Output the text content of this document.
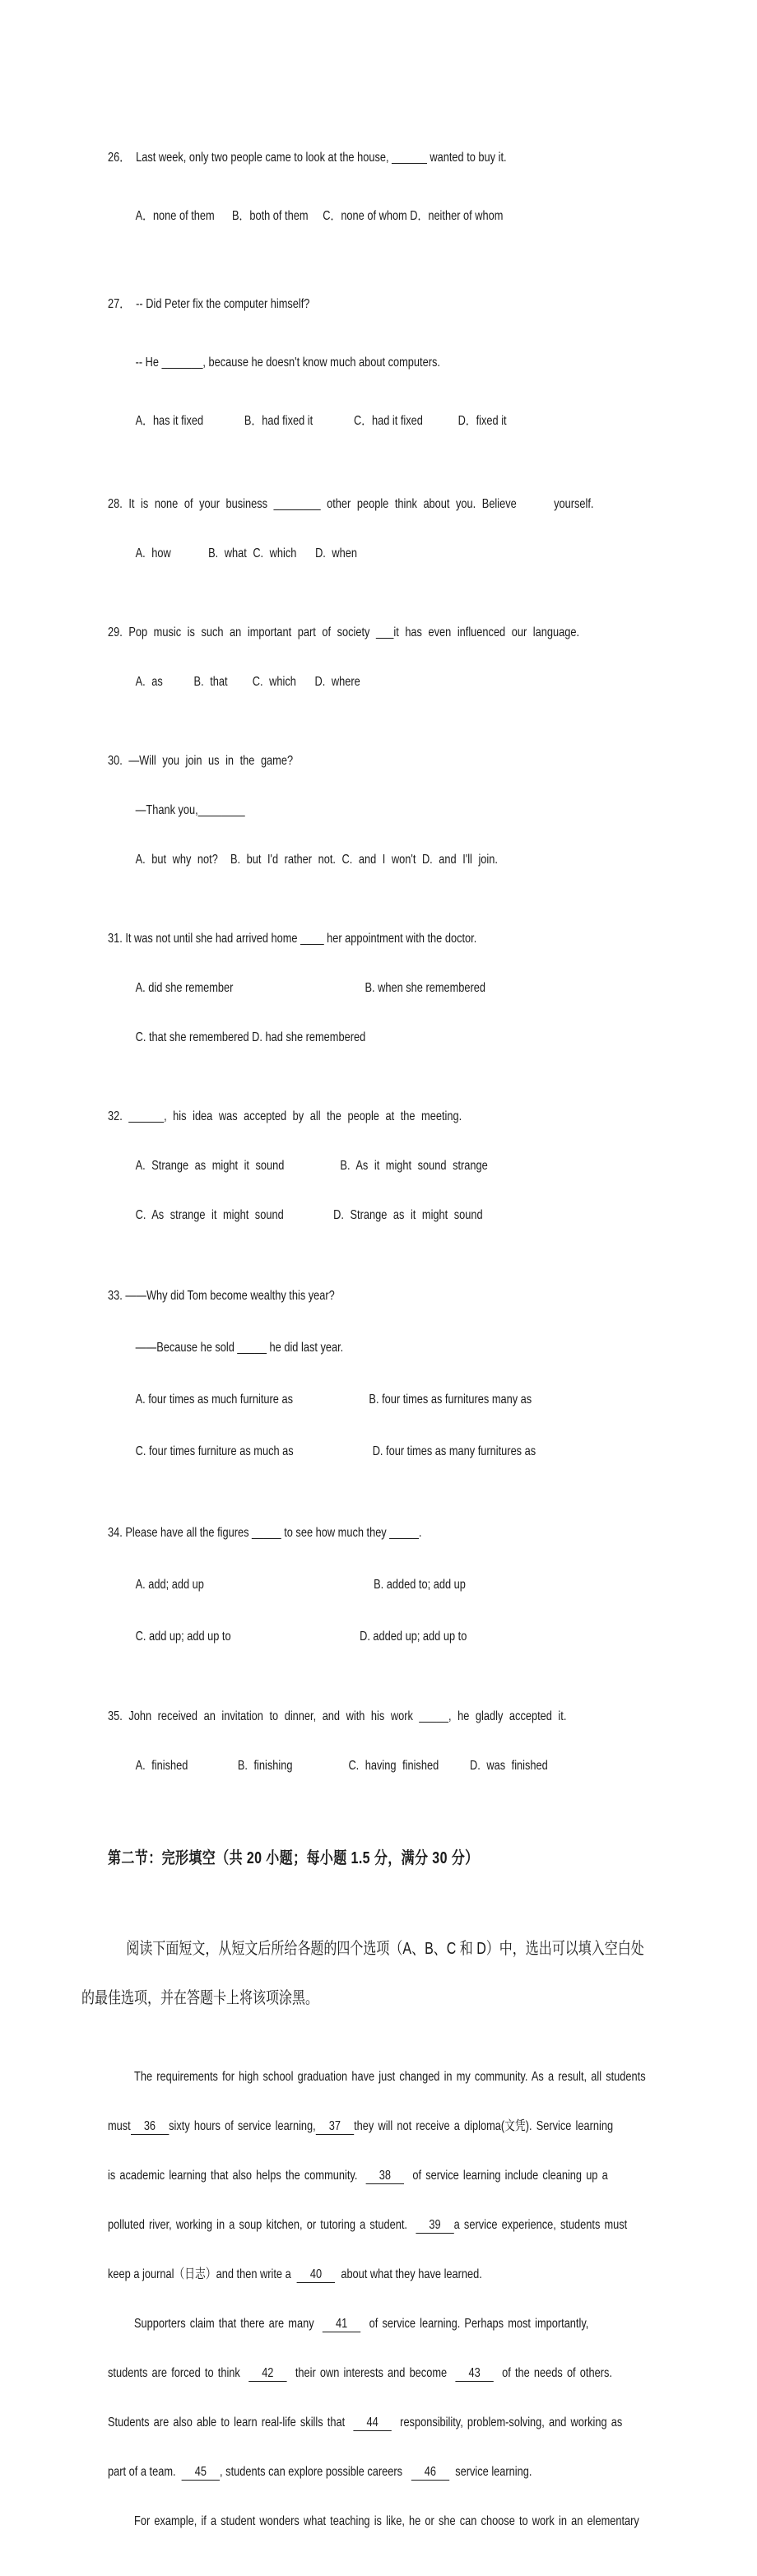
26．  Last week, only two people came to look at the house, ______ wanted to buy it.

A．none of them      B．both of them     C．none of whom D．neither of whom

27．  -- Did Peter fix the computer himself?

-- He _______, because he doesn't know much about computers.

A．has it fixed              B．had fixed it              C．had it fixed            D．fixed it

28. It is none of your business ________ other people think about you. Believe      yourself.

A. how      B. what C. which   D. when

29. Pop music is such an important part of society ___it has even influenced our language.

A. as     B. that    C. which   D. where

30. —Will you join us in the game?

—Thank you,________

A. but why not?  B. but I'd rather not. C. and I won't D. and I'll join.

31. It was not until she had arrived home ____ her appointment with the doctor.

A. did she remember                                             B. when she remembered

C. that she remembered D. had she remembered

32. ______, his idea was accepted by all the people at the meeting.

A. Strange as might it sound         B. As it might sound strange

C. As strange it might sound        D. Strange as it might sound

33. ——Why did Tom become wealthy this year?

——Because he sold _____ he did last year.

A. four times as much furniture as                          B. four times as furnitures many as

C. four times furniture as much as                           D. four times as many furnitures as

34. Please have all the figures _____ to see how much they _____.

A. add; add up                                                          B. added to; add up

C. add up; add up to                                            D. added up; add up to

35. John received an invitation to dinner, and with his work _____, he gladly accepted it.

A. finished        B. finishing         C. having finished     D. was finished

第二节：完形填空（共 20 小题；每小题 1.5 分，满分 30 分）

阅读下面短文，从短文后所给各题的四个选项（A、B、C 和 D）中，选出可以填入空白处

的最佳选项，并在答题卡上将该项涂黑。

The requirements for high school graduation have just changed in my community. As a result, all students

must 36 sixty hours of service learning, 37 they will not receive a diploma(文凭). Service learning

is academic learning that also helps the community.  38  of service learning include cleaning up a

polluted river, working in a soup kitchen, or tutoring a student.  39 a service experience, students must

keep a journal（日志）and then write a  40  about what they have learned.

Supporters claim that there are many  41  of service learning. Perhaps most importantly,

students are forced to think  42  their own interests and become  43  of the needs of others.

Students are also able to learn real-life skills that  44  responsibility, problem-solving, and working as

part of a team.  45 , students can explore possible careers   46  service learning.

For example, if a student wonders what teaching is like, he or she can choose to work in an elementary
